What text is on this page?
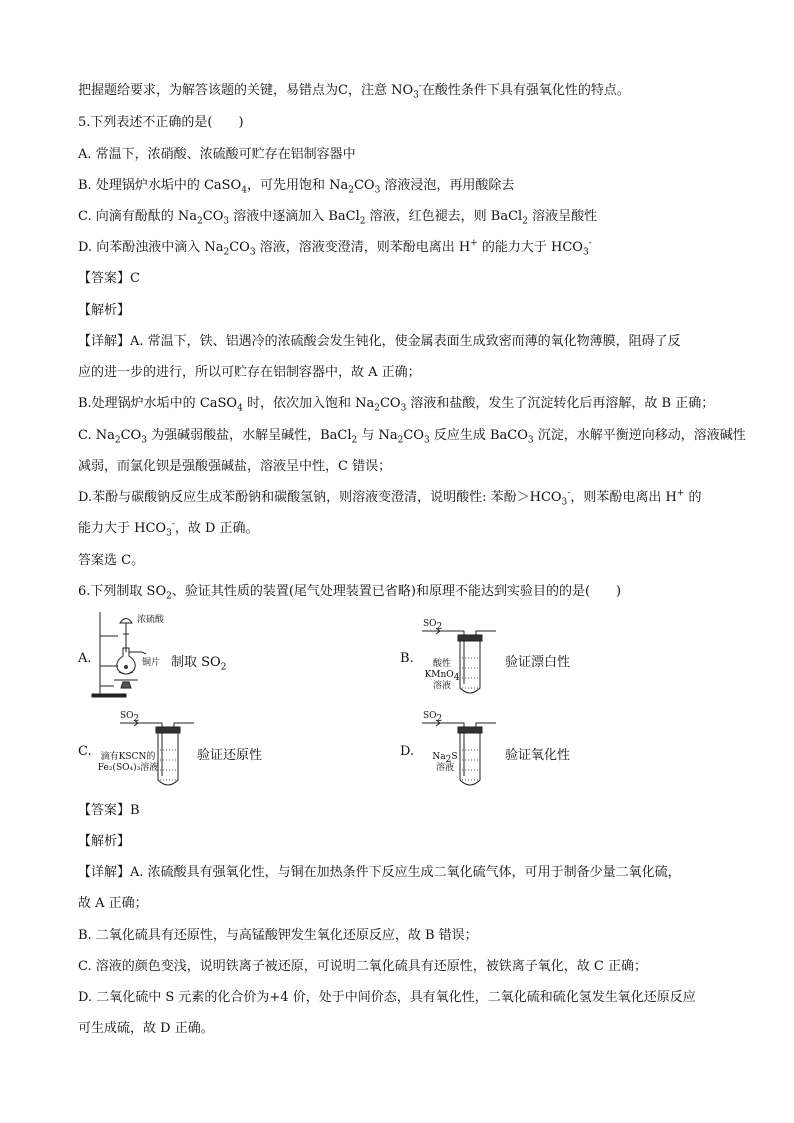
把握题给要求，为解答该题的关键，易错点为C，注意 $NO_3^-$在酸性条件下具有强氧化性的特点。
5.下列表述不正确的是(　　)
A. 常温下，浓硝酸、浓硫酸可贮存在铝制容器中
B. 处理锅炉水垢中的 CaSO$_4$，可先用饱和 $Na_2CO_3$ 溶液浸泡，再用酸除去
C. 向滴有酚酞的 $Na_2CO_3$ 溶液中逐滴加入 BaCl$_2$ 溶液，红色褪去，则 BaCl$_2$ 溶液呈酸性
D. 向苯酚浊液中滴入 $Na_2CO_3$ 溶液，溶液变澄清，则苯酚电离出 H+ 的能力大于 $HCO_3^-$
【答案】C
【解析】
【详解】A. 常温下，铁、铝遇冷的浓硫酸会发生钝化，使金属表面生成致密而薄的氧化物薄膜，阻碍了反
应的进一步的进行，所以可贮存在铝制容器中，故 A 正确；
B.处理锅炉水垢中的 CaSO$_4$ 时，依次加入饱和 $Na_2CO_3$ 溶液和盐酸，发生了沉淀转化后再溶解，故 B 正确；
C. $Na_2CO_3$ 为强碱弱酸盐，水解呈碱性，BaCl$_2$ 与 $Na_2CO_3$ 反应生成 BaCO$_3$ 沉淀，水解平衡逆向移动，溶液碱性
减弱，而氯化钡是强酸强碱盐，溶液呈中性，C 错误；
D.苯酚与碳酸钠反应生成苯酚钠和碳酸氢钠，则溶液变澄清，说明酸性: 苯酚$>HCO_3^-$，则苯酚电离出 H+ 的
能力大于 $HCO_3^-$，故 D 正确。
答案选 C。
6.下列制取 $SO_2$、验证其性质的装置(尾气处理装置已省略)和原理不能达到实验目的的是(　　)
A.
浓硫酸
铜片 制取 $SO_2$
B.
$SO_2$
酸性
KMnO$_4$
溶液
验证漂白性
C.
$SO_2$
滴有KSCN的
Fe₂(SO₄)₃溶液
验证还原性	D.
$SO_2$
$Na_2S$
溶液
验证氧化性
【答案】B
【解析】
【详解】A. 浓硫酸具有强氧化性，与铜在加热条件下反应生成二氧化硫气体，可用于制备少量二氧化硫，
故 A 正确；
B. 二氧化硫具有还原性，与高锰酸钾发生氧化还原反应，故 B 错误；
C. 溶液的颜色变浅，说明铁离子被还原，可说明二氧化硫具有还原性，被铁离子氧化，故 C 正确；
D. 二氧化硫中 S 元素的化合价为+4 价，处于中间价态，具有氧化性，二氧化硫和硫化氢发生氧化还原反应
可生成硫，故 D 正确。
